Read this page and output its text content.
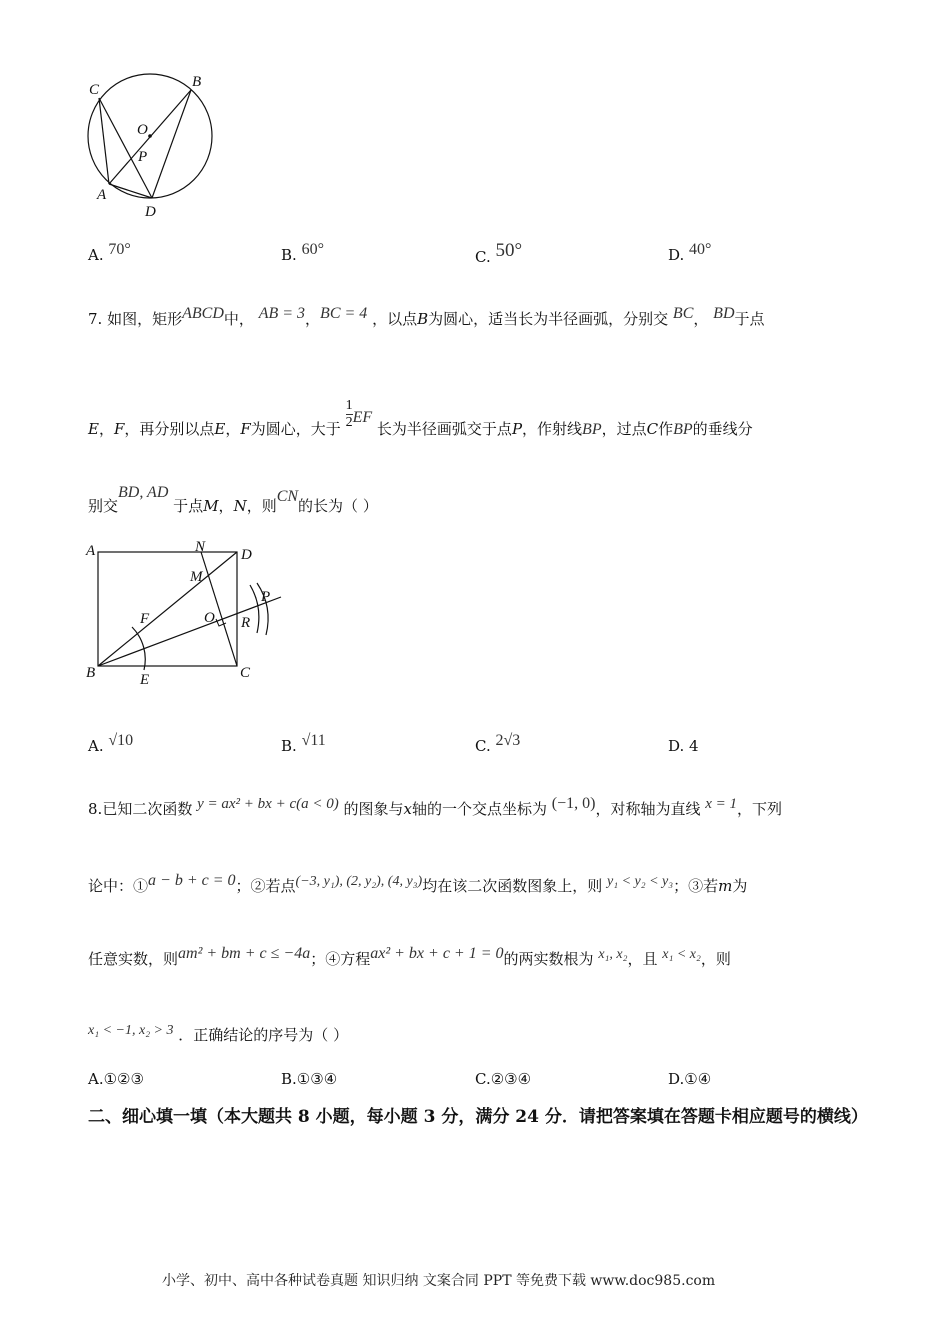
C	B
O
P
A
D
A. 70°	B. 60°	C. 50°	D. 40°
7. 如图，矩形ABCD中， AB = 3，BC = 4 ，以点B为圆心，适当长为半径画弧，分别交 BC， BD于点
E，F，再分别以点E，F为圆心，大于 $\frac{1}{2}$ EF 长为半径画弧交于点P，作射线BP，过点C作BP的垂线分
别交BD, AD 于点M，N，则CN的长为（ ）
A	N D
M
P
F	O R
B	E	C
A. √10	B. √11	C. 2√3	D. 4
8.已知二次函数 y = ax² + bx + c(a < 0) 的图象与x轴的一个交点坐标为 (−1, 0)，对称轴为直线 x = 1，下列
论中：①a − b + c = 0；②若点(−3, y₁), (2, y₂), (4, y₃)均在该二次函数图象上，则 y₁ < y₂ < y₃；③若m为
任意实数，则am² + bm + c ≤ −4a；④方程ax² + bx + c + 1 = 0的两实数根为 x₁, x₂，且 x₁ < x₂，则
x₁ < −1, x₂ > 3 ．正确结论的序号为（ ）
A.①②③	B.①③④	C.②③④	D.①④
二、细心填一填（本大题共 8 小题，每小题 3 分，满分 24 分．请把答案填在答题卡相应题号的横线）
小学、初中、高中各种试卷真题 知识归纳 文案合同 PPT 等免费下载 www.doc985.com
